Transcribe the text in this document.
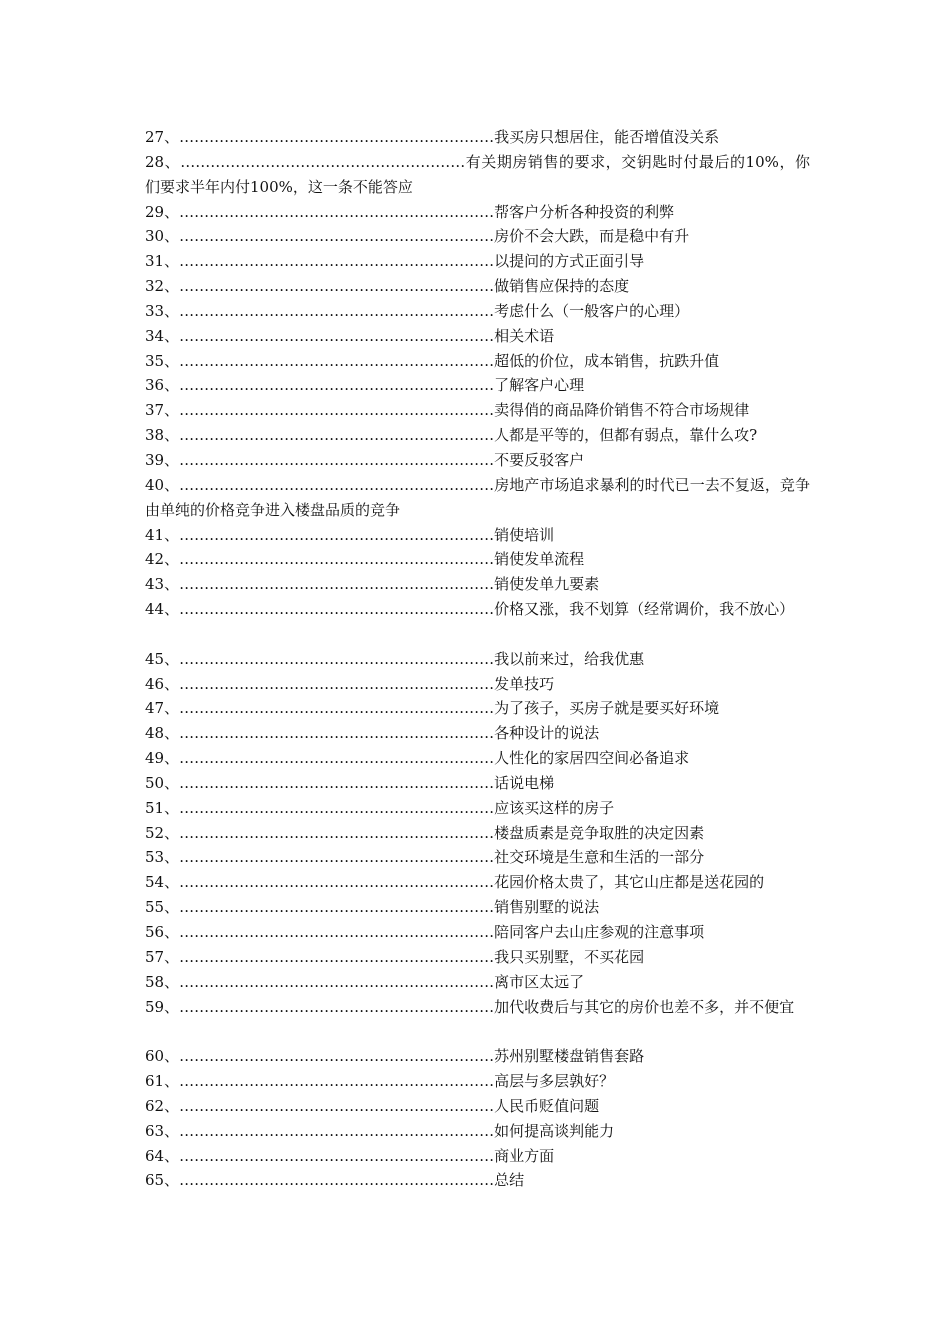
27、………………………………………………………我买房只想居住，能否增值没关系
28、…………………………………………………有关期房销售的要求，交钥匙时付最后的10%，你们要求半年内付100%，这一条不能答应
29、………………………………………………………帮客户分析各种投资的利弊
30、………………………………………………………房价不会大跌，而是稳中有升
31、………………………………………………………以提问的方式正面引导
32、………………………………………………………做销售应保持的态度
33、………………………………………………………考虑什么（一般客户的心理）
34、………………………………………………………相关术语
35、………………………………………………………超低的价位，成本销售，抗跌升值
36、………………………………………………………了解客户心理
37、………………………………………………………卖得俏的商品降价销售不符合市场规律
38、………………………………………………………人都是平等的，但都有弱点，靠什么攻?
39、………………………………………………………不要反驳客户
40、………………………………………………………房地产市场追求暴利的时代已一去不复返，竞争由单纯的价格竞争进入楼盘品质的竞争
41、………………………………………………………销使培训
42、………………………………………………………销使发单流程
43、………………………………………………………销使发单九要素
44、………………………………………………………价格又涨，我不划算（经常调价，我不放心）
45、………………………………………………………我以前来过，给我优惠
46、………………………………………………………发单技巧
47、………………………………………………………为了孩子，买房子就是要买好环境
48、………………………………………………………各种设计的说法
49、………………………………………………………人性化的家居四空间必备追求
50、………………………………………………………话说电梯
51、………………………………………………………应该买这样的房子
52、………………………………………………………楼盘质素是竞争取胜的决定因素
53、………………………………………………………社交环境是生意和生活的一部分
54、………………………………………………………花园价格太贵了，其它山庄都是送花园的
55、………………………………………………………销售别墅的说法
56、………………………………………………………陪同客户去山庄参观的注意事项
57、………………………………………………………我只买别墅，不买花园
58、………………………………………………………离市区太远了
59、………………………………………………………加代收费后与其它的房价也差不多，并不便宜
60、………………………………………………………苏州别墅楼盘销售套路
61、………………………………………………………高层与多层孰好？
62、………………………………………………………人民币贬值问题
63、………………………………………………………如何提高谈判能力
64、………………………………………………………商业方面
65、………………………………………………………总结
